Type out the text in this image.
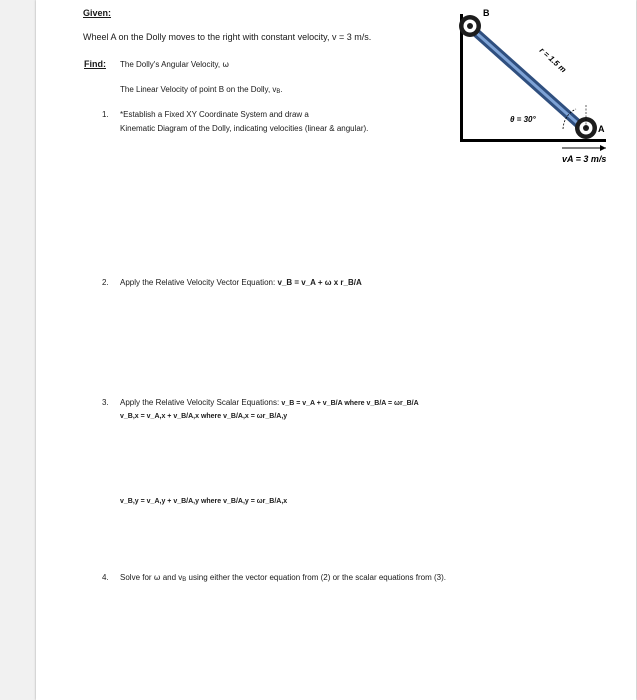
Given:
Wheel A on the Dolly moves to the right with constant velocity, v = 3 m/s.
Find: The Dolly's Angular Velocity, ω
The Linear Velocity of point B on the Dolly, $v_B$.
1. *Establish a Fixed XY Coordinate System and draw a
Kinematic Diagram of the Dolly, indicating velocities (linear & angular).
2. Apply the Relative Velocity Vector Equation: v_B = v_A + ω x r_B/A
3. Apply the Relative Velocity Scalar Equations: v_B = v_A + v_B/A where v_B/A = ωr_B/A
v_B,x = v_A,x + v_B/A,x where v_B/A,x = ωr_B/A,y
v_B,y = v_A,y + v_B/A,y where v_B/A,y = ωr_B/A,x
4. Solve for ω and $v_B$ using either the vector equation from (2) or the scalar equations from (3).
B
A
r = 1.5 m
θ = 30°
vA = 3 m/s
